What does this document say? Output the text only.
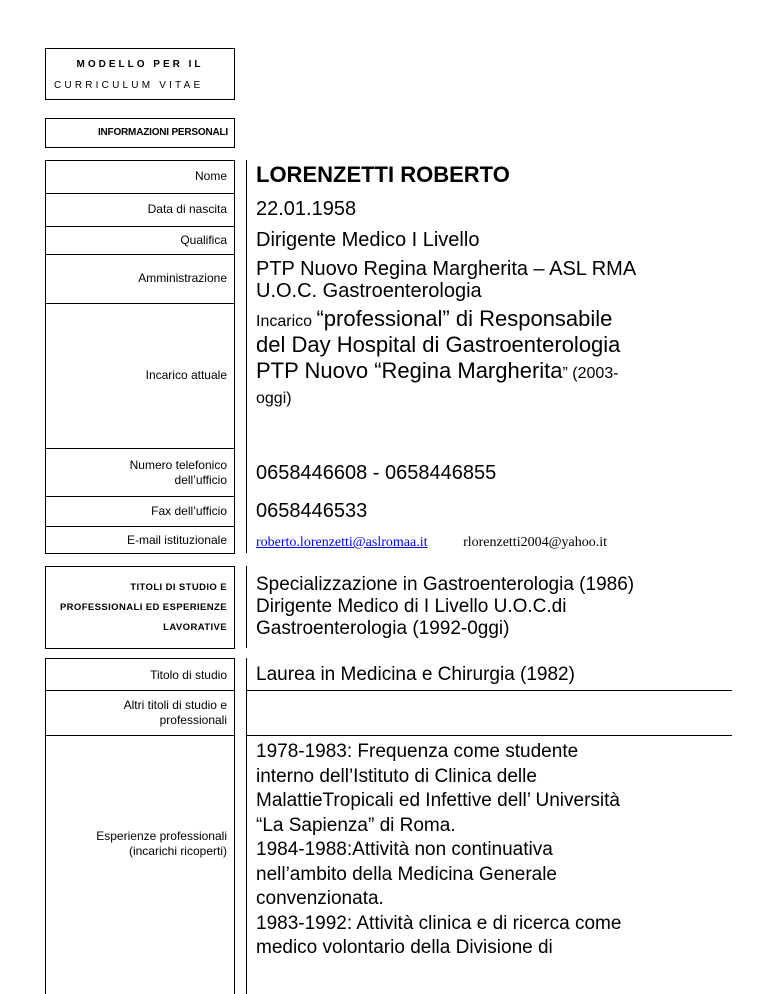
MODELLO PER IL
CURRICULUM VITAE
INFORMAZIONI PERSONALI
Nome LORENZETTI ROBERTO
Data di nascita 22.01.1958
Qualifica Dirigente Medico I Livello
Amministrazione PTP Nuovo Regina Margherita – ASL RMA
U.O.C. Gastroenterologia
Incarico attuale
Incarico “professional” di Responsabile
del Day Hospital di Gastroenterologia
PTP Nuovo “Regina Margherita” (2003-
oggi)
Numero telefonico
dell’ufficio 0658446608 - 0658446855
Fax dell’ufficio 0658446533
E-mail istituzionale roberto.lorenzetti@aslromaa.it	rlorenzetti2004@yahoo.it
TITOLI DI STUDIO E
PROFESSIONALI ED ESPERIENZE
LAVORATIVE
Specializzazione in Gastroenterologia (1986)
Dirigente Medico di I Livello U.O.C.di
Gastroenterologia (1992-0ggi)
Titolo di studio Laurea in Medicina e Chirurgia (1982)
Altri titoli di studio e
professionali
Esperienze professionali
(incarichi ricoperti)
1978-1983: Frequenza come studente
interno dell’Istituto di Clinica delle
MalattieTropicali ed Infettive dell’ Università
“La Sapienza” di Roma.
1984-1988:Attività non continuativa
nell’ambito della Medicina Generale
convenzionata.
1983-1992: Attività clinica e di ricerca come
medico volontario della Divisione di
